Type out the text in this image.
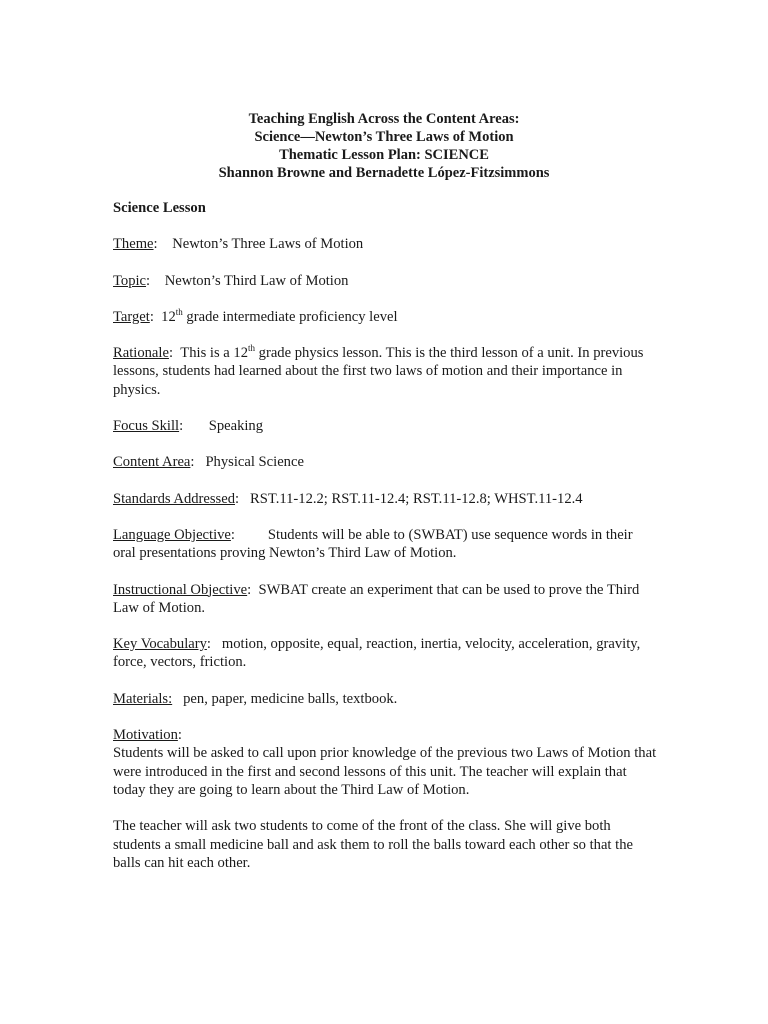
Teaching English Across the Content Areas:
Science—Newton’s Three Laws of Motion
Thematic Lesson Plan: SCIENCE
Shannon Browne and Bernadette López-Fitzsimmons
Science Lesson
Theme: Newton’s Three Laws of Motion
Topic: Newton’s Third Law of Motion
Target: 12th grade intermediate proficiency level
Rationale: This is a 12th grade physics lesson. This is the third lesson of a unit. In previous lessons, students had learned about the first two laws of motion and their importance in physics.
Focus Skill: Speaking
Content Area: Physical Science
Standards Addressed: RST.11-12.2; RST.11-12.4; RST.11-12.8; WHST.11-12.4
Language Objective: Students will be able to (SWBAT) use sequence words in their oral presentations proving Newton’s Third Law of Motion.
Instructional Objective: SWBAT create an experiment that can be used to prove the Third Law of Motion.
Key Vocabulary: motion, opposite, equal, reaction, inertia, velocity, acceleration, gravity, force, vectors, friction.
Materials: pen, paper, medicine balls, textbook.
Motivation:
Students will be asked to call upon prior knowledge of the previous two Laws of Motion that were introduced in the first and second lessons of this unit. The teacher will explain that today they are going to learn about the Third Law of Motion.
The teacher will ask two students to come of the front of the class. She will give both students a small medicine ball and ask them to roll the balls toward each other so that the balls can hit each other.
